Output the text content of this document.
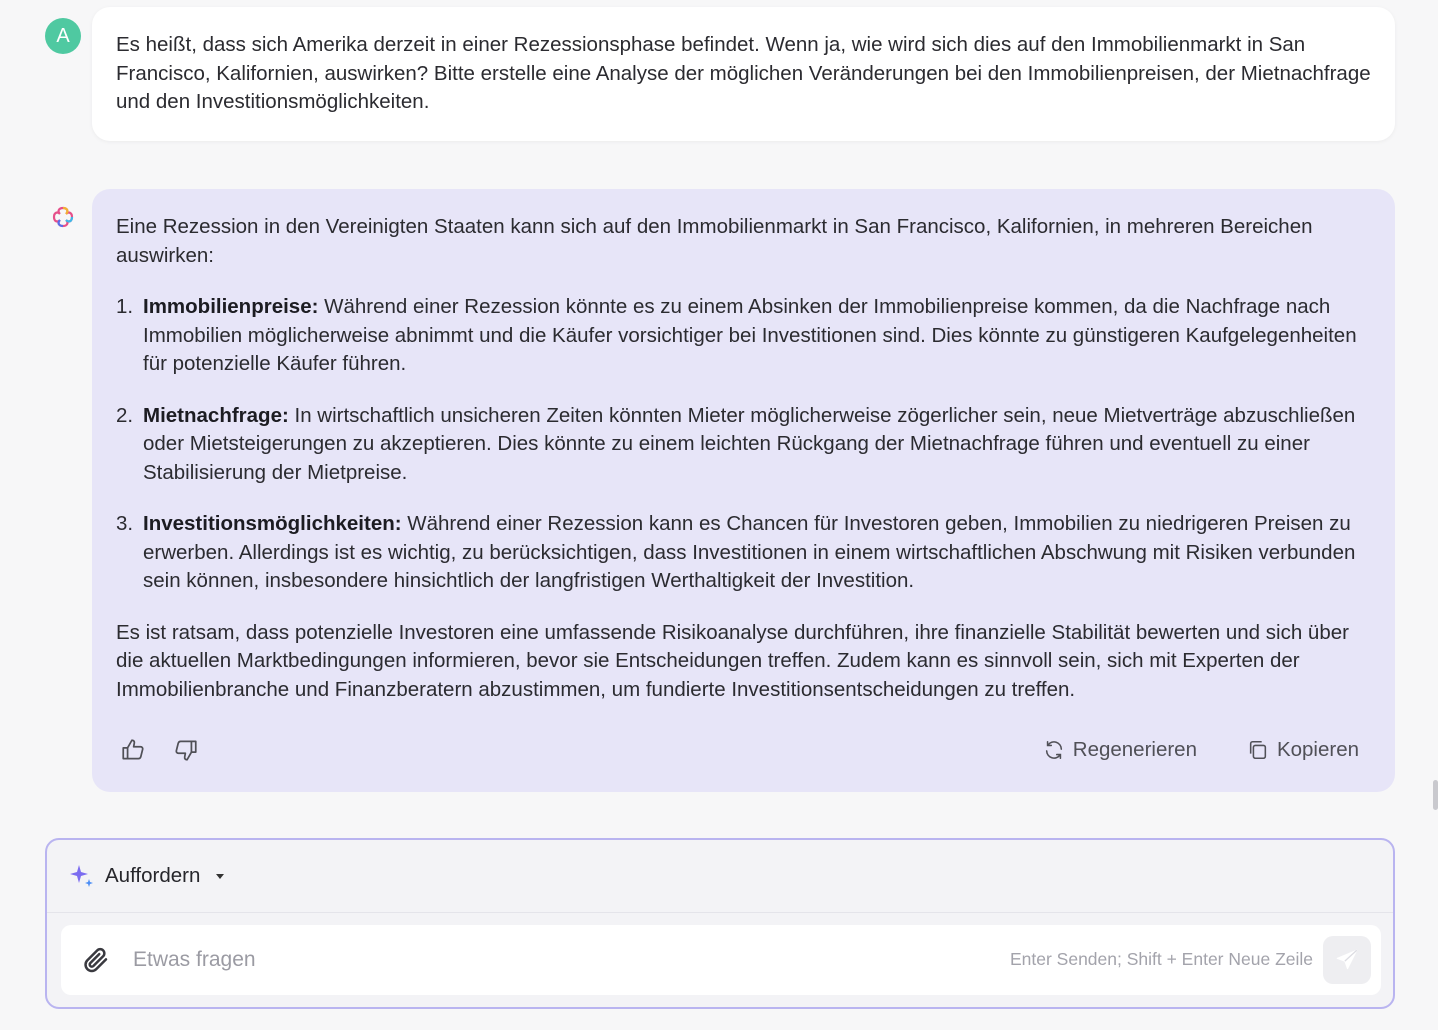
A	Es heißt, dass sich Amerika derzeit in einer Rezessionsphase befindet. Wenn ja, wie wird sich dies auf den Immobilienmarkt in San Francisco, Kalifornien, auswirken? Bitte erstelle eine Analyse der möglichen Veränderungen bei den Immobilienpreisen, der Mietnachfrage und den Investitionsmöglichkeiten.

Eine Rezession in den Vereinigten Staaten kann sich auf den Immobilienmarkt in San Francisco, Kalifornien, in mehreren Bereichen auswirken:

1. Immobilienpreise: Während einer Rezession könnte es zu einem Absinken der Immobilienpreise kommen, da die Nachfrage nach Immobilien möglicherweise abnimmt und die Käufer vorsichtiger bei Investitionen sind. Dies könnte zu günstigeren Kaufgelegenheiten für potenzielle Käufer führen.
2. Mietnachfrage: In wirtschaftlich unsicheren Zeiten könnten Mieter möglicherweise zögerlicher sein, neue Mietverträge abzuschließen oder Mietsteigerungen zu akzeptieren. Dies könnte zu einem leichten Rückgang der Mietnachfrage führen und eventuell zu einer Stabilisierung der Mietpreise.
3. Investitionsmöglichkeiten: Während einer Rezession kann es Chancen für Investoren geben, Immobilien zu niedrigeren Preisen zu erwerben. Allerdings ist es wichtig, zu berücksichtigen, dass Investitionen in einem wirtschaftlichen Abschwung mit Risiken verbunden sein können, insbesondere hinsichtlich der langfristigen Werthaltigkeit der Investition.

Es ist ratsam, dass potenzielle Investoren eine umfassende Risikoanalyse durchführen, ihre finanzielle Stabilität bewerten und sich über die aktuellen Marktbedingungen informieren, bevor sie Entscheidungen treffen. Zudem kann es sinnvoll sein, sich mit Experten der Immobilienbranche und Finanzberatern abzustimmen, um fundierte Investitionsentscheidungen zu treffen.

Regenerieren	Kopieren
Auffordern
Etwas fragen
Enter Senden; Shift + Enter Neue Zeile
